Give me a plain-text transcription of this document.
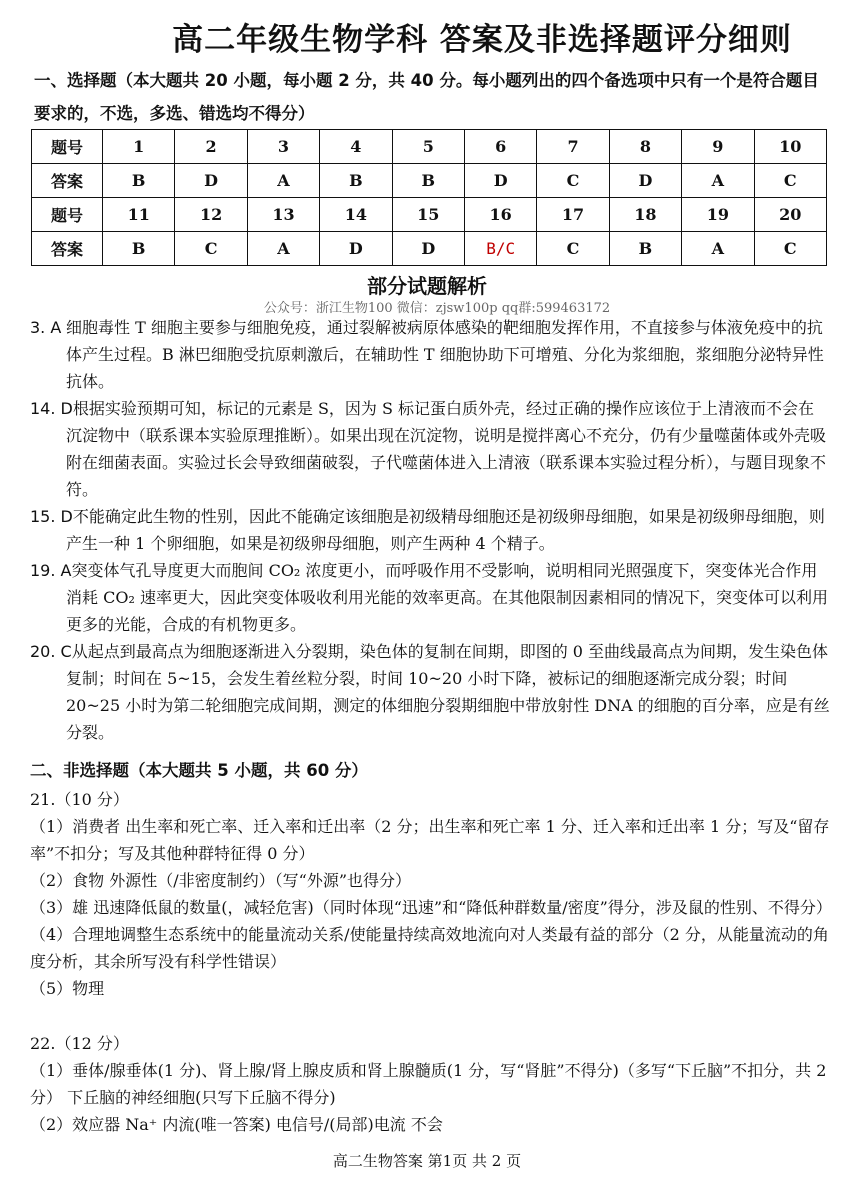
高二年级生物学科 答案及非选择题评分细则
一、选择题（本大题共 20 小题，每小题 2 分，共 40 分。每小题列出的四个备选项中只有一个是符合题目要求的，不选，多选、错选均不得分）
题号	1	2	3	4	5	6	7	8	9	10
答案	B	D	A	B	B	D	C	D	A	C
题号	11	12	13	14	15	16	17	18	19	20
答案	B	C	A	D	D	B/C	C	B	A	C
部分试题解析
公众号：浙江生物100 微信：zjsw100p qq群:599463172

3. A 细胞毒性 T 细胞主要参与细胞免疫，通过裂解被病原体感染的靶细胞发挥作用，不直接参与体液免疫中的抗体产生过程。B 淋巴细胞受抗原刺激后，在辅助性 T 细胞协助下可增殖、分化为浆细胞，浆细胞分泌特异性抗体。

14. D根据实验预期可知，标记的元素是 S，因为 S 标记蛋白质外壳，经过正确的操作应该位于上清液而不会在沉淀物中（联系课本实验原理推断）。如果出现在沉淀物，说明是搅拌离心不充分，仍有少量噬菌体或外壳吸附在细菌表面。实验过长会导致细菌破裂，子代噬菌体进入上清液（联系课本实验过程分析），与题目现象不符。

15. D不能确定此生物的性别，因此不能确定该细胞是初级精母细胞还是初级卵母细胞，如果是初级卵母细胞，则产生一种 1 个卵细胞，如果是初级卵母细胞，则产生两种 4 个精子。

19. A突变体气孔导度更大而胞间 CO₂ 浓度更小，而呼吸作用不受影响，说明相同光照强度下，突变体光合作用消耗 CO₂ 速率更大，因此突变体吸收利用光能的效率更高。在其他限制因素相同的情况下，突变体可以利用更多的光能，合成的有机物更多。

20. C从起点到最高点为细胞逐渐进入分裂期，染色体的复制在间期，即图的 0 至曲线最高点为间期，发生染色体复制；时间在 5~15，会发生着丝粒分裂，时间 10~20 小时下降，被标记的细胞逐渐完成分裂；时间 20~25 小时为第二轮细胞完成间期，测定的体细胞分裂期细胞中带放射性 DNA 的细胞的百分率，应是有丝分裂。

二、非选择题（本大题共 5 小题，共 60 分）

21.（10 分）

（1）消费者 出生率和死亡率、迁入率和迁出率（2 分；出生率和死亡率 1 分、迁入率和迁出率 1 分；写及“留存率”不扣分；写及其他种群特征得 0 分）

（2）食物 外源性（/非密度制约）（写“外源”也得分）

（3）雄 迅速降低鼠的数量(，减轻危害)（同时体现“迅速”和“降低种群数量/密度”得分，涉及鼠的性别、不得分）

（4）合理地调整生态系统中的能量流动关系/使能量持续高效地流向对人类最有益的部分（2 分，从能量流动的角度分析，其余所写没有科学性错误）

（5）物理

22.（12 分）

（1）垂体/腺垂体(1 分)、肾上腺/肾上腺皮质和肾上腺髓质(1 分，写“肾脏”不得分)（多写“下丘脑”不扣分，共 2 分） 下丘脑的神经细胞(只写下丘脑不得分)

（2）效应器 Na⁺ 内流(唯一答案) 电信号/(局部)电流 不会

高二生物答案 第1页 共 2 页
